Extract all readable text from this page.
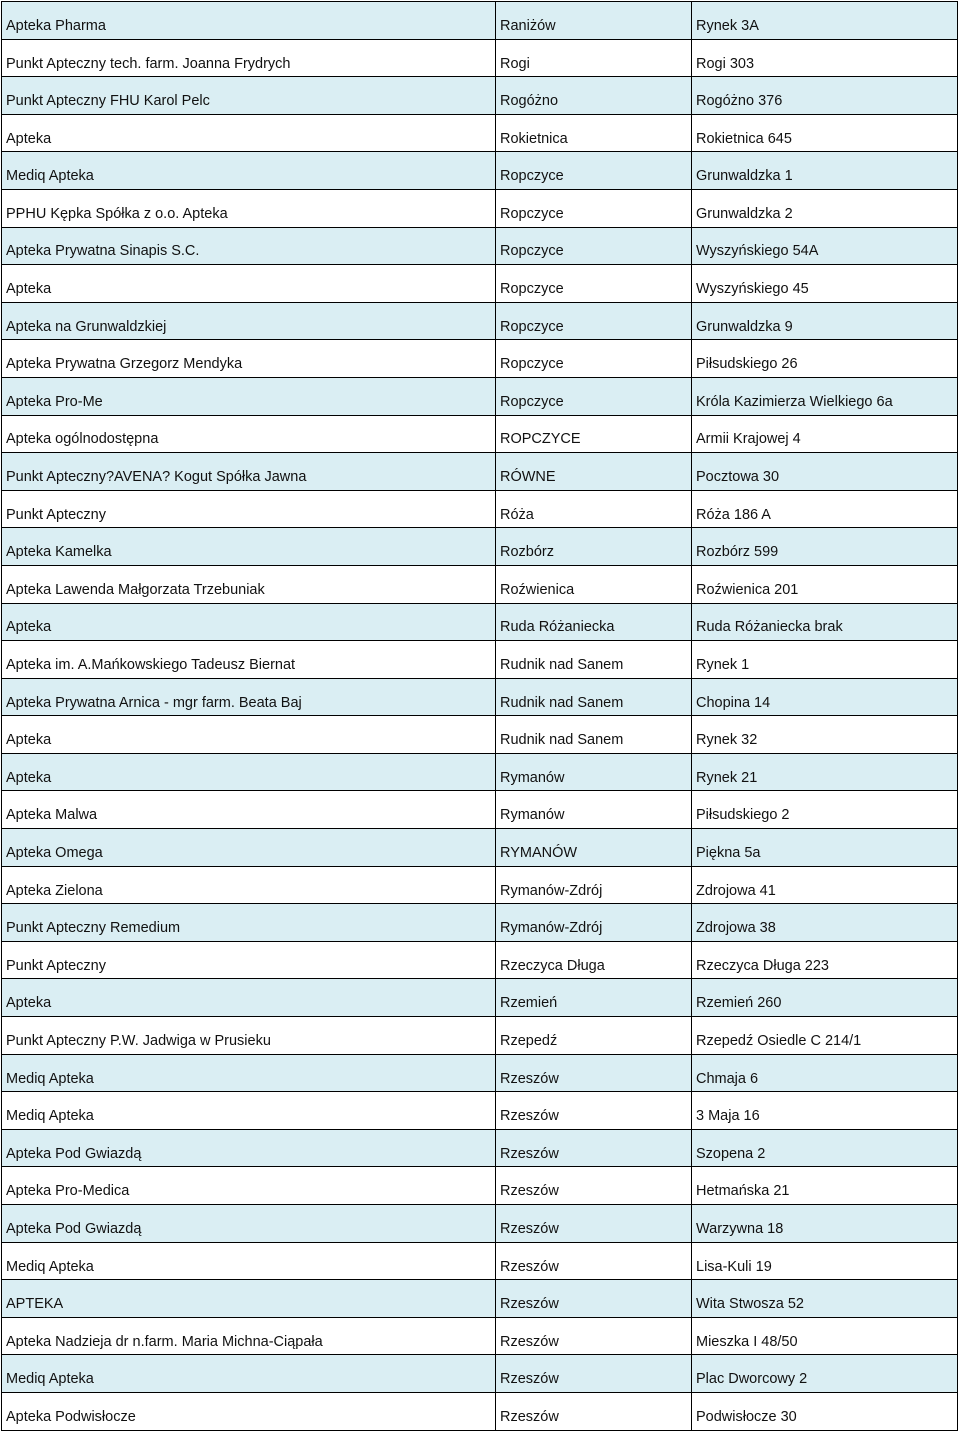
Apteka Pharma	Raniżów	Rynek 3A
Punkt Apteczny tech. farm. Joanna Frydrych	Rogi	Rogi 303
Punkt Apteczny FHU Karol Pelc	Rogóżno	Rogóżno 376
Apteka	Rokietnica	Rokietnica 645
Mediq Apteka	Ropczyce	Grunwaldzka 1
PPHU Kępka Spółka z o.o. Apteka	Ropczyce	Grunwaldzka 2
Apteka Prywatna Sinapis S.C.	Ropczyce	Wyszyńskiego 54A
Apteka	Ropczyce	Wyszyńskiego 45
Apteka na Grunwaldzkiej	Ropczyce	Grunwaldzka 9
Apteka Prywatna Grzegorz Mendyka	Ropczyce	Piłsudskiego 26
Apteka Pro-Me	Ropczyce	Króla Kazimierza Wielkiego 6a
Apteka ogólnodostępna	ROPCZYCE	Armii Krajowej 4
Punkt Apteczny?AVENA? Kogut Spółka Jawna	RÓWNE	Pocztowa 30
Punkt Apteczny	Róża	Róża 186 A
Apteka Kamelka	Rozbórz	Rozbórz 599
Apteka Lawenda Małgorzata Trzebuniak	Roźwienica	Roźwienica 201
Apteka	Ruda Różaniecka	Ruda Różaniecka brak
Apteka im. A.Mańkowskiego Tadeusz Biernat	Rudnik nad Sanem	Rynek 1
Apteka Prywatna Arnica - mgr farm. Beata Baj	Rudnik nad Sanem	Chopina 14
Apteka	Rudnik nad Sanem	Rynek 32
Apteka	Rymanów	Rynek 21
Apteka Malwa	Rymanów	Piłsudskiego 2
Apteka Omega	RYMANÓW	Piękna 5a
Apteka Zielona	Rymanów-Zdrój	Zdrojowa 41
Punkt Apteczny Remedium	Rymanów-Zdrój	Zdrojowa 38
Punkt Apteczny	Rzeczyca Długa	Rzeczyca Długa 223
Apteka	Rzemień	Rzemień 260
Punkt Apteczny P.W. Jadwiga w Prusieku	Rzepedź	Rzepedź Osiedle C 214/1
Mediq Apteka	Rzeszów	Chmaja 6
Mediq Apteka	Rzeszów	3 Maja 16
Apteka Pod Gwiazdą	Rzeszów	Szopena 2
Apteka Pro-Medica	Rzeszów	Hetmańska 21
Apteka Pod Gwiazdą	Rzeszów	Warzywna 18
Mediq Apteka	Rzeszów	Lisa-Kuli 19
APTEKA	Rzeszów	Wita Stwosza 52
Apteka Nadzieja dr n.farm. Maria Michna-Ciąpała	Rzeszów	Mieszka I 48/50
Mediq Apteka	Rzeszów	Plac Dworcowy 2
Apteka Podwisłocze	Rzeszów	Podwisłocze 30
